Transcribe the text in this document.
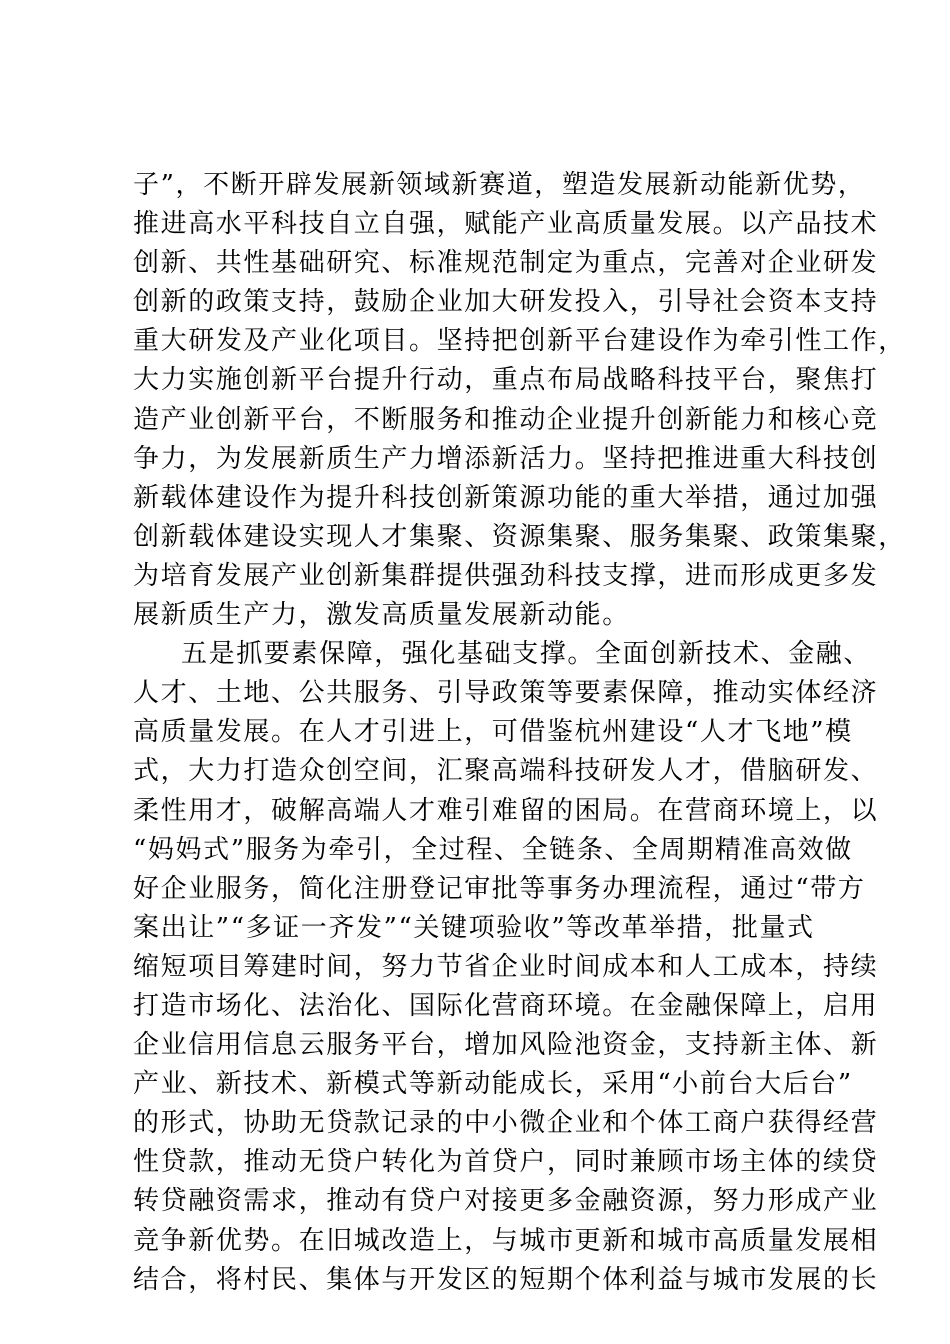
子”，不断开辟发展新领域新赛道，塑造发展新动能新优势，
推进高水平科技自立自强，赋能产业高质量发展。以产品技术
创新、共性基础研究、标准规范制定为重点，完善对企业研发
创新的政策支持，鼓励企业加大研发投入，引导社会资本支持
重大研发及产业化项目。坚持把创新平台建设作为牵引性工作，
大力实施创新平台提升行动，重点布局战略科技平台，聚焦打
造产业创新平台，不断服务和推动企业提升创新能力和核心竞
争力，为发展新质生产力增添新活力。坚持把推进重大科技创
新载体建设作为提升科技创新策源功能的重大举措，通过加强
创新载体建设实现人才集聚、资源集聚、服务集聚、政策集聚，
为培育发展产业创新集群提供强劲科技支撑，进而形成更多发
展新质生产力，激发高质量发展新动能。
五是抓要素保障，强化基础支撑。全面创新技术、金融、
人才、土地、公共服务、引导政策等要素保障，推动实体经济
高质量发展。在人才引进上，可借鉴杭州建设“人才飞地”模
式，大力打造众创空间，汇聚高端科技研发人才，借脑研发、
柔性用才，破解高端人才难引难留的困局。在营商环境上，以
“妈妈式”服务为牵引，全过程、全链条、全周期精准高效做
好企业服务，简化注册登记审批等事务办理流程，通过“带方
案出让”“多证一齐发”“关键项验收”等改革举措，批量式
缩短项目筹建时间，努力节省企业时间成本和人工成本，持续
打造市场化、法治化、国际化营商环境。在金融保障上，启用
企业信用信息云服务平台，增加风险池资金，支持新主体、新
产业、新技术、新模式等新动能成长，采用“小前台大后台”
的形式，协助无贷款记录的中小微企业和个体工商户获得经营
性贷款，推动无贷户转化为首贷户，同时兼顾市场主体的续贷
转贷融资需求，推动有贷户对接更多金融资源，努力形成产业
竞争新优势。在旧城改造上，与城市更新和城市高质量发展相
结合，将村民、集体与开发区的短期个体利益与城市发展的长
